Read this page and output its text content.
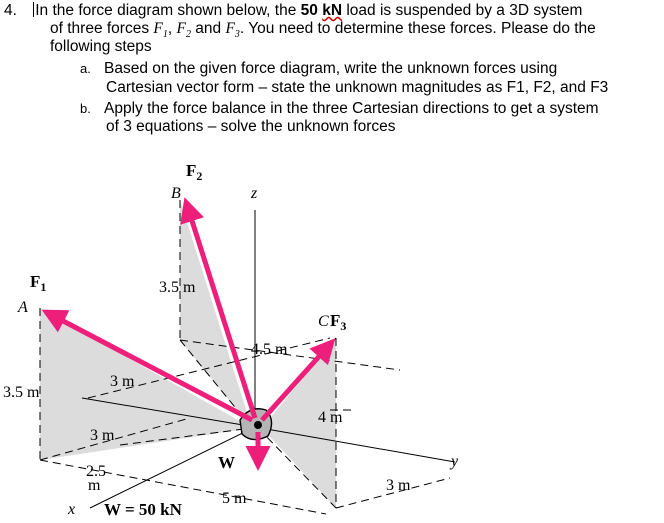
4. In the force diagram shown below, the 50 kN load is suspended by a 3D system
of three forces $F_1$, $F_2$ and $F_3$. You need to determine these forces. Please do the
following steps
a. Based on the given force diagram, write the unknown forces using
Cartesian vector form – state the unknown magnitudes as F1, F2, and F3
b. Apply the force balance in the three Cartesian directions to get a system
of 3 equations – solve the unknown forces
$F_2$
B	z
3.5 m
$F_1$
A
C $F_3$
4.5 m
3 m
3.5 m
4 m
3 m
W	y
2.5
m	3 m
5 m
x W = 50 kN
